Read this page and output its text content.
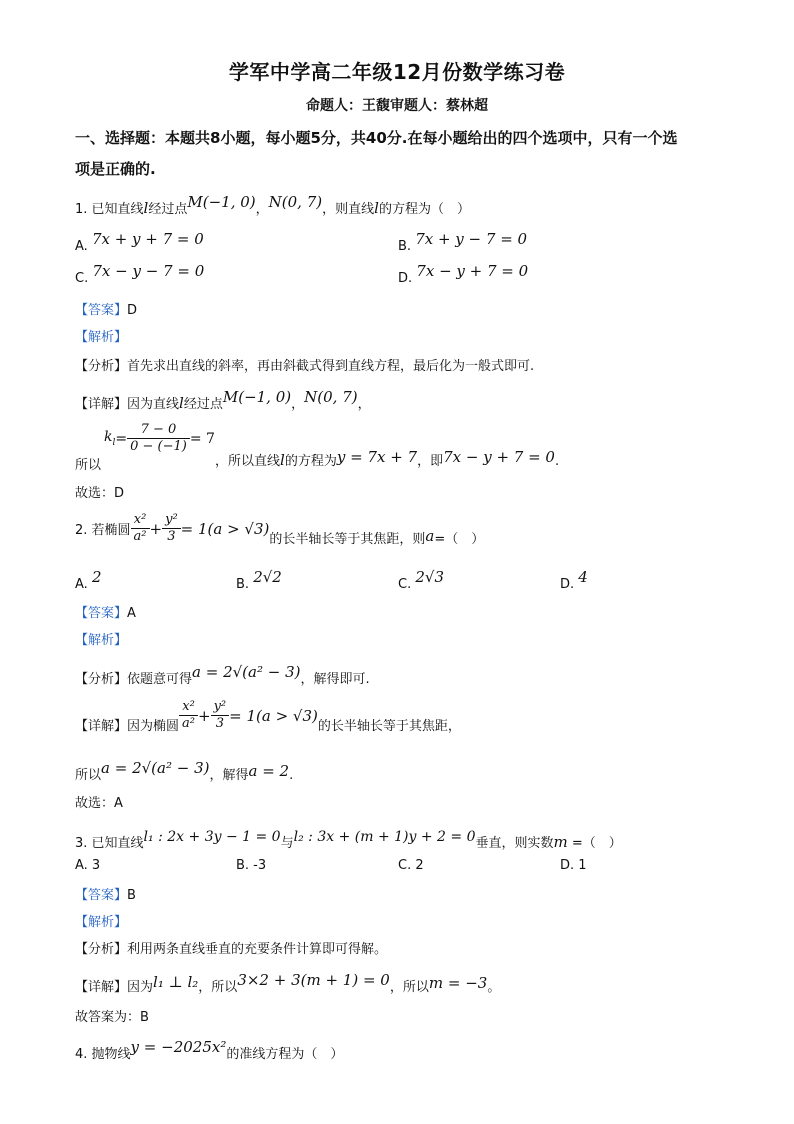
学军中学高二年级12月份数学练习卷
命题人：王馥审题人：蔡林超
一、选择题：本题共8小题，每小题5分，共40分.在每小题给出的四个选项中，只有一个选
项是正确的.
1. 已知直线l经过点M(−1, 0)，N(0, 7)，则直线l的方程为（　）
A. 7x + y + 7 = 0	B. 7x + y − 7 = 0
C. 7x − y − 7 = 0	D. 7x − y + 7 = 0
【答案】D
【解析】
【分析】首先求出直线的斜率，再由斜截式得到直线方程，最后化为一般式即可.
【详解】因为直线l经过点M(−1, 0)，N(0, 7)，
所以
$k_l= \frac{7 - 0}{0 - (-1)} = 7$
，所以直线l的方程为y = 7x + 7，即7x − y + 7 = 0.
故选：D
2. 若椭圆 $\frac{\text{x²}}{\text{a²}} + \frac{\text{y²}}{3} = 1(a > √3)$的长半轴长等于其焦距，则a=（　）
A. 2	B. 2√2	C. 2√3	D. 4
【答案】A
【解析】
【分析】依题意可得a = 2√(a² − 3)，解得即可.
【详解】因为椭圆 $\frac{\text{x²}}{\text{a²}} + \frac{\text{y²}}{3} = 1(a > √3)$的长半轴长等于其焦距，
所以a = 2√(a² − 3)，解得a = 2.
故选：A
3. 已知直线l₁ : 2x + 3y − 1 = 0与l₂ : 3x + (m + 1)y + 2 = 0垂直，则实数m =（　）
A. 3	B. -3	C. 2	D. 1
【答案】B
【解析】
【分析】利用两条直线垂直的充要条件计算即可得解。
【详解】因为l₁ ⊥ l₂，所以3×2 + 3(m + 1) = 0，所以m = −3。
故答案为：B
4. 抛物线y = −2025x²的准线方程为（　）
